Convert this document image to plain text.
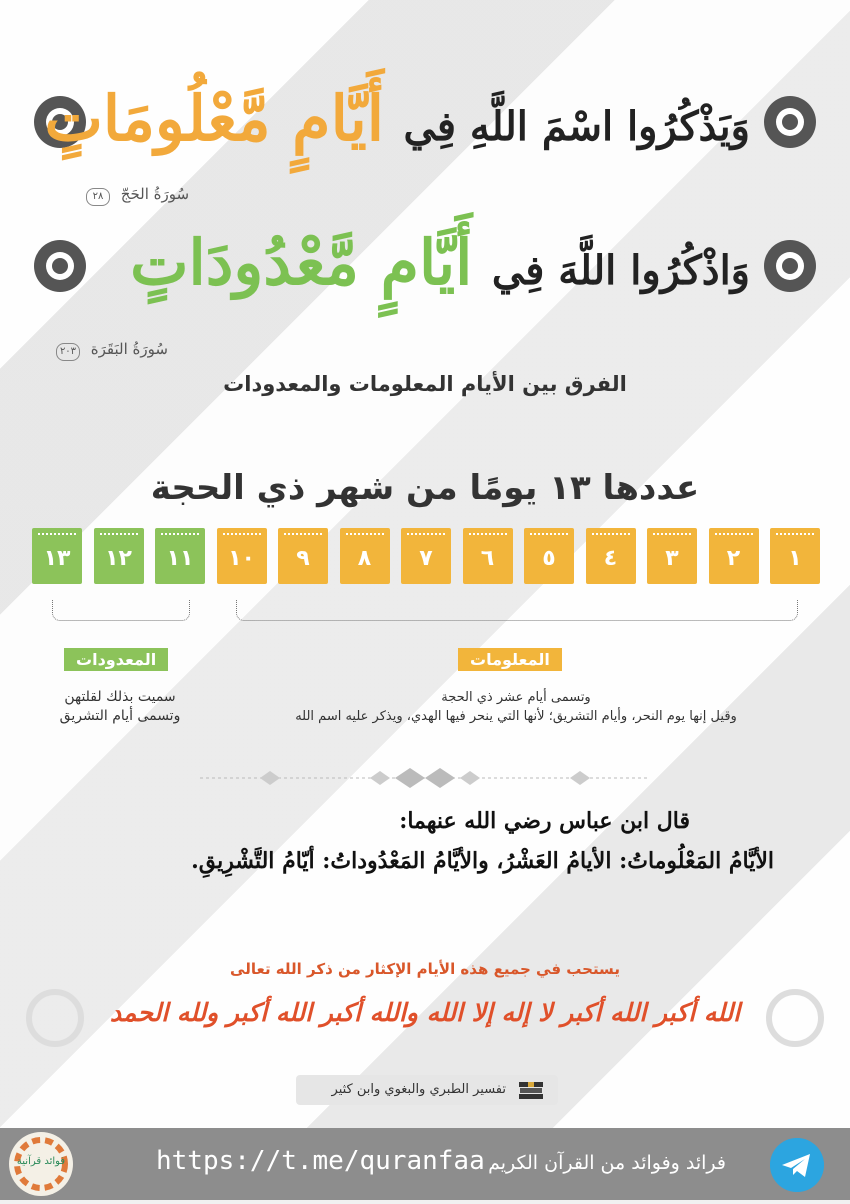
وَيَذْكُرُوا اسْمَ اللَّهِ فِي أَيَّامٍ مَّعْلُومَاتٍ
سُورَةُ الحَجّ ٢٨
وَاذْكُرُوا اللَّهَ فِي أَيَّامٍ مَّعْدُودَاتٍ
سُورَةُ البَقَرَة ٢٠٣
الفرق بين الأيام المعلومات والمعدودات
عددها ١٣ يومًا من شهر ذي الحجة
١
٢
٣
٤
٥
٦
٧
٨
٩
١٠
١١
١٢
١٣
المعلومات
المعدودات
وتسمى أيام عشر ذي الحجة
وقيل إنها يوم النحر، وأيام التشريق؛ لأنها التي ينحر فيها الهدي، ويذكر عليه اسم الله
سميت بذلك لقلتهن
وتسمى أيام التشريق
قال ابن عباس رضي الله عنهما:
الأيَّامُ المَعْلُوماتُ: الأيامُ العَشْرُ، والأيَّامُ المَعْدُوداتُ: أيّامُ التَّشْرِيقِ.
يستحب في جميع هذه الأيام الإكثار من ذكر الله تعالى
الله أكبر الله أكبر لا إله إلا الله والله أكبر الله أكبر ولله الحمد
تفسير الطبري والبغوي وابن كثير
https://t.me/quranfaa فرائد وفوائد من القرآن الكريم
فوائد قرآنية
